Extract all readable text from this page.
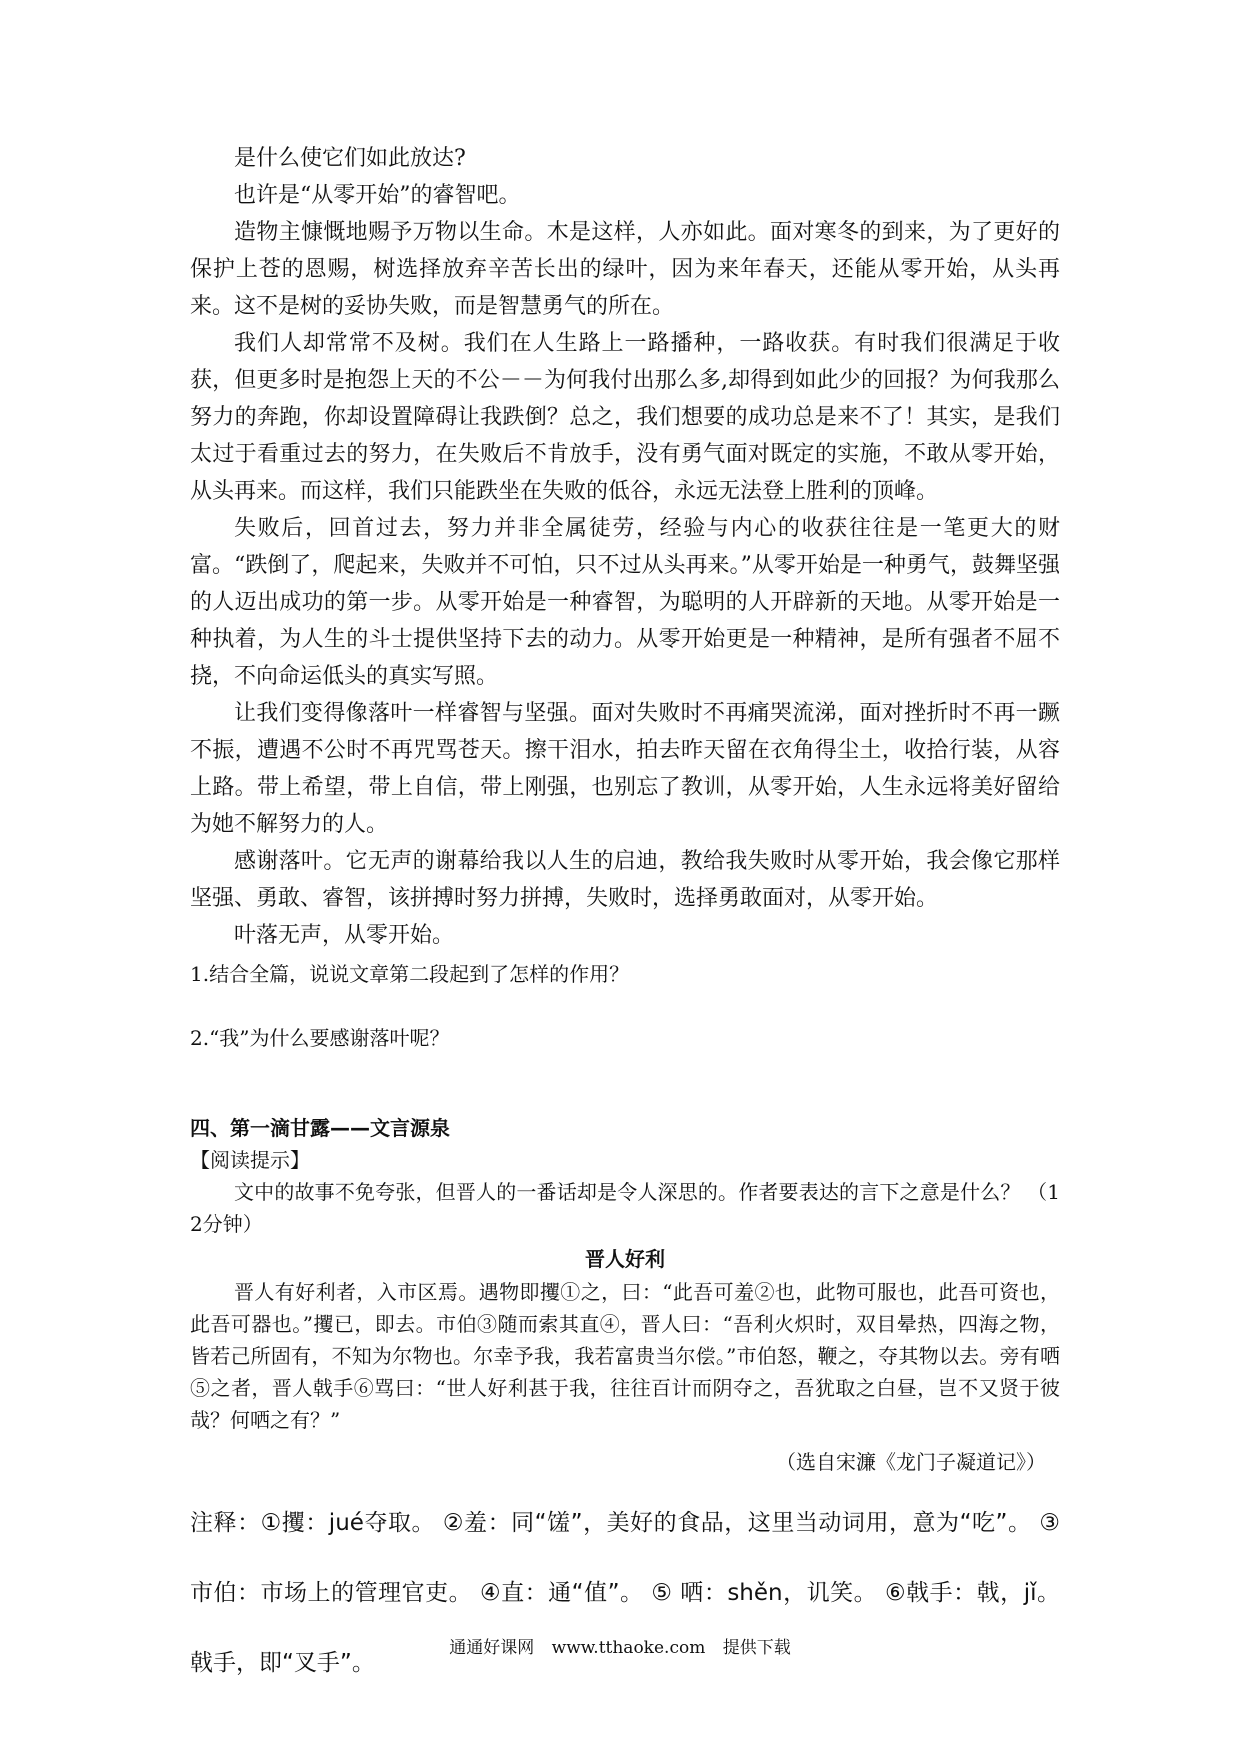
是什么使它们如此放达?

也许是“从零开始”的睿智吧。

造物主慷慨地赐予万物以生命。木是这样，人亦如此。面对寒冬的到来，为了更好的保护上苍的恩赐，树选择放弃辛苦长出的绿叶，因为来年春天，还能从零开始，从头再来。这不是树的妥协失败，而是智慧勇气的所在。

我们人却常常不及树。我们在人生路上一路播种，一路收获。有时我们很满足于收获，但更多时是抱怨上天的不公－－为何我付出那么多,却得到如此少的回报？为何我那么努力的奔跑，你却设置障碍让我跌倒？总之，我们想要的成功总是来不了！其实，是我们太过于看重过去的努力，在失败后不肯放手，没有勇气面对既定的实施，不敢从零开始，从头再来。而这样，我们只能跌坐在失败的低谷，永远无法登上胜利的顶峰。

失败后，回首过去，努力并非全属徒劳，经验与内心的收获往往是一笔更大的财富。“跌倒了，爬起来，失败并不可怕，只不过从头再来。”从零开始是一种勇气，鼓舞坚强的人迈出成功的第一步。从零开始是一种睿智，为聪明的人开辟新的天地。从零开始是一种执着，为人生的斗士提供坚持下去的动力。从零开始更是一种精神，是所有强者不屈不挠，不向命运低头的真实写照。

让我们变得像落叶一样睿智与坚强。面对失败时不再痛哭流涕，面对挫折时不再一蹶不振，遭遇不公时不再咒骂苍天。擦干泪水，拍去昨天留在衣角得尘土，收拾行装，从容上路。带上希望，带上自信，带上刚强，也别忘了教训，从零开始，人生永远将美好留给为她不解努力的人。

感谢落叶。它无声的谢幕给我以人生的启迪，教给我失败时从零开始，我会像它那样坚强、勇敢、睿智，该拼搏时努力拼搏，失败时，选择勇敢面对，从零开始。

叶落无声，从零开始。

1.结合全篇，说说文章第二段起到了怎样的作用？

2.“我”为什么要感谢落叶呢？

四、第一滴甘露——文言源泉

【阅读提示】

文中的故事不免夸张，但晋人的一番话却是令人深思的。作者要表达的言下之意是什么？ （12分钟）

晋人好利

晋人有好利者，入市区焉。遇物即攫①之，曰：“此吾可羞②也，此物可服也，此吾可资也，此吾可器也。”攫已，即去。市伯③随而索其直④，晋人曰：“吾利火炽时，双目晕热，四海之物，皆若己所固有，不知为尔物也。尔幸予我，我若富贵当尔偿。”市伯怒，鞭之，夺其物以去。旁有哂⑤之者，晋人戟手⑥骂曰：“世人好利甚于我，往往百计而阴夺之，吾犹取之白昼，岂不又贤于彼哉？何哂之有？”

（选自宋濂《龙门子凝道记》）

注释：①攫：jué夺取。 ②羞：同“馐”，美好的食品，这里当动词用，意为“吃”。 ③市伯：市场上的管理官吏。 ④直：通“值”。 ⑤ 哂：shěn，讥笑。 ⑥戟手：戟，jǐ。戟手，即“叉手”。

通通好课网 www.tthaoke.com 提供下载
